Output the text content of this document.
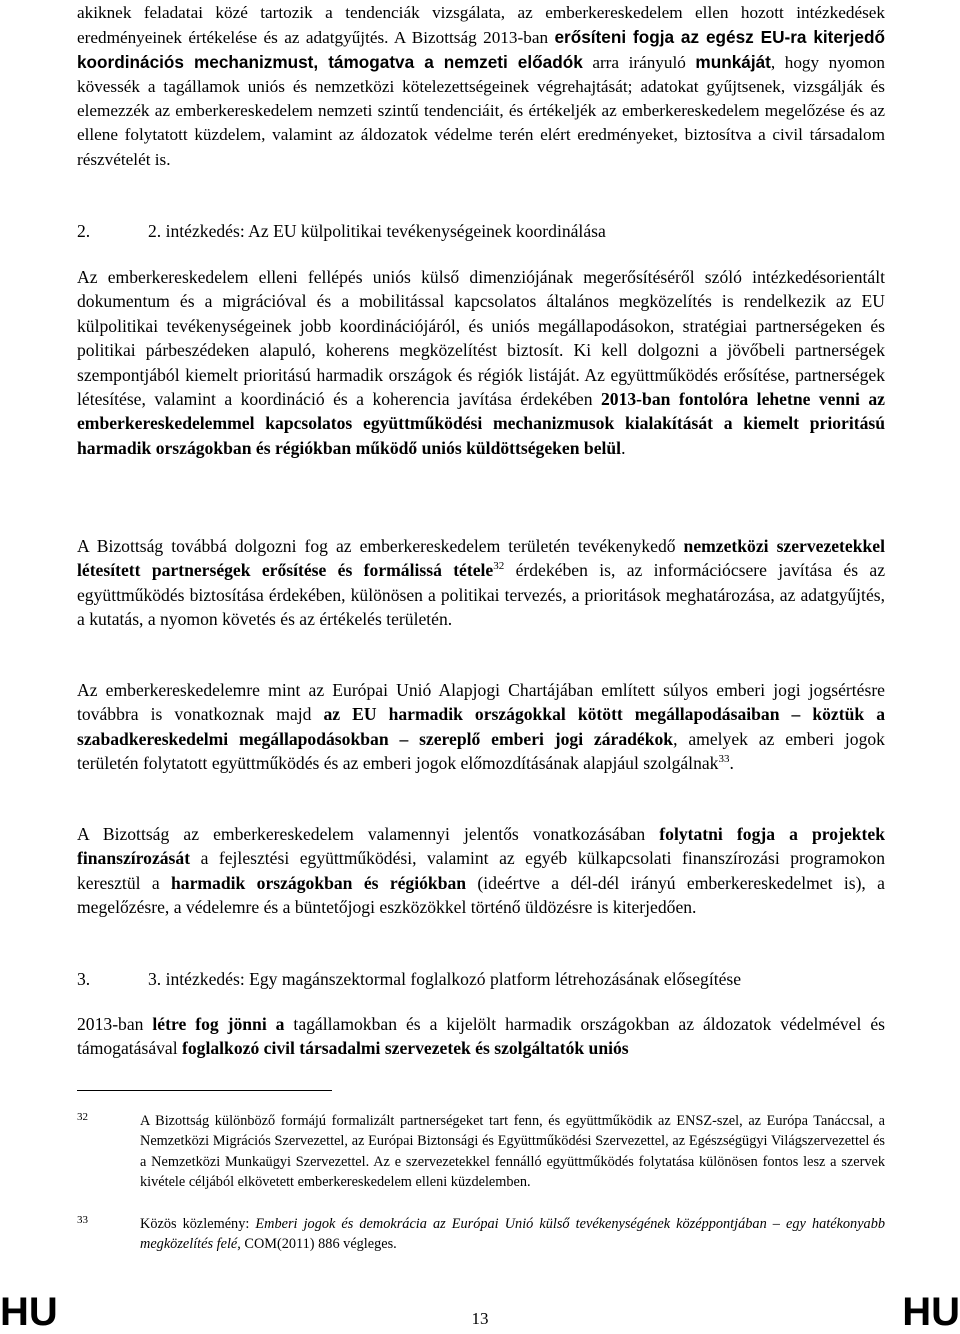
akiknek feladatai közé tartozik a tendenciák vizsgálata, az emberkereskedelem ellen hozott intézkedések eredményeinek értékelése és az adatgyűjtés. A Bizottság 2013-ban erősíteni fogja az egész EU-ra kiterjedő koordinációs mechanizmust, támogatva a nemzeti előadók arra irányuló munkáját, hogy nyomon kövessék a tagállamok uniós és nemzetközi kötelezettségeinek végrehajtását; adatokat gyűjtsenek, vizsgálják és elemezzék az emberkereskedelem nemzeti szintű tendenciáit, és értékeljék az emberkereskedelem megelőzése és az ellene folytatott küzdelem, valamint az áldozatok védelme terén elért eredményeket, biztosítva a civil társadalom részvételét is.

2.	2. intézkedés: Az EU külpolitikai tevékenységeinek koordinálása

Az emberkereskedelem elleni fellépés uniós külső dimenziójának megerősítéséről szóló intézkedésorientált dokumentum és a migrációval és a mobilitással kapcsolatos általános megközelítés is rendelkezik az EU külpolitikai tevékenységeinek jobb koordinációjáról, és uniós megállapodásokon, stratégiai partnerségeken és politikai párbeszédeken alapuló, koherens megközelítést biztosít. Ki kell dolgozni a jövőbeli partnerségek szempontjából kiemelt prioritású harmadik országok és régiók listáját. Az együttműködés erősítése, partnerségek létesítése, valamint a koordináció és a koherencia javítása érdekében 2013-ban fontolóra lehetne venni az emberkereskedelemmel kapcsolatos együttműködési mechanizmusok kialakítását a kiemelt prioritású harmadik országokban és régiókban működő uniós küldöttségeken belül.

A Bizottság továbbá dolgozni fog az emberkereskedelem területén tevékenykedő nemzetközi szervezetekkel létesített partnerségek erősítése és formálissá tétele$^{32}$ érdekében is, az információcsere javítása és az együttműködés biztosítása érdekében, különösen a politikai tervezés, a prioritások meghatározása, az adatgyűjtés, a kutatás, a nyomon követés és az értékelés területén.

Az emberkereskedelemre mint az Európai Unió Alapjogi Chartájában említett súlyos emberi jogi jogsértésre továbbra is vonatkoznak majd az EU harmadik országokkal kötött megállapodásaiban – köztük a szabadkereskedelmi megállapodásokban – szereplő emberi jogi záradékok, amelyek az emberi jogok területén folytatott együttműködés és az emberi jogok előmozdításának alapjául szolgálnak$^{33}$.

A Bizottság az emberkereskedelem valamennyi jelentős vonatkozásában folytatni fogja a projektek finanszírozását a fejlesztési együttműködési, valamint az egyéb külkapcsolati finanszírozási programokon keresztül a harmadik országokban és régiókban (ideértve a dél-dél irányú emberkereskedelmet is), a megelőzésre, a védelemre és a büntetőjogi eszközökkel történő üldözésre is kiterjedően.

3.	3. intézkedés: Egy magánszektormal foglalkozó platform létrehozásának elősegítése

2013-ban létre fog jönni a tagállamokban és a kijelölt harmadik országokban az áldozatok védelmével és támogatásával foglalkozó civil társadalmi szervezetek és szolgáltatók uniós

32	A Bizottság különböző formájú formalizált partnerségeket tart fenn, és együttműködik az ENSZ-szel, az Európa Tanáccsal, a Nemzetközi Migrációs Szervezettel, az Európai Biztonsági és Együttműködési Szervezettel, az Egészségügyi Világszervezettel és a Nemzetközi Munkaügyi Szervezettel. Az e szervezetekkel fennálló együttműködés folytatása különösen fontos lesz a szervek kivétele céljából elkövetett emberkereskedelem elleni küzdelemben.

33	Közös közlemény: Emberi jogok és demokrácia az Európai Unió külső tevékenységének középpontjában – egy hatékonyabb megközelítés felé, COM(2011) 886 végleges.

HU	13	HU
